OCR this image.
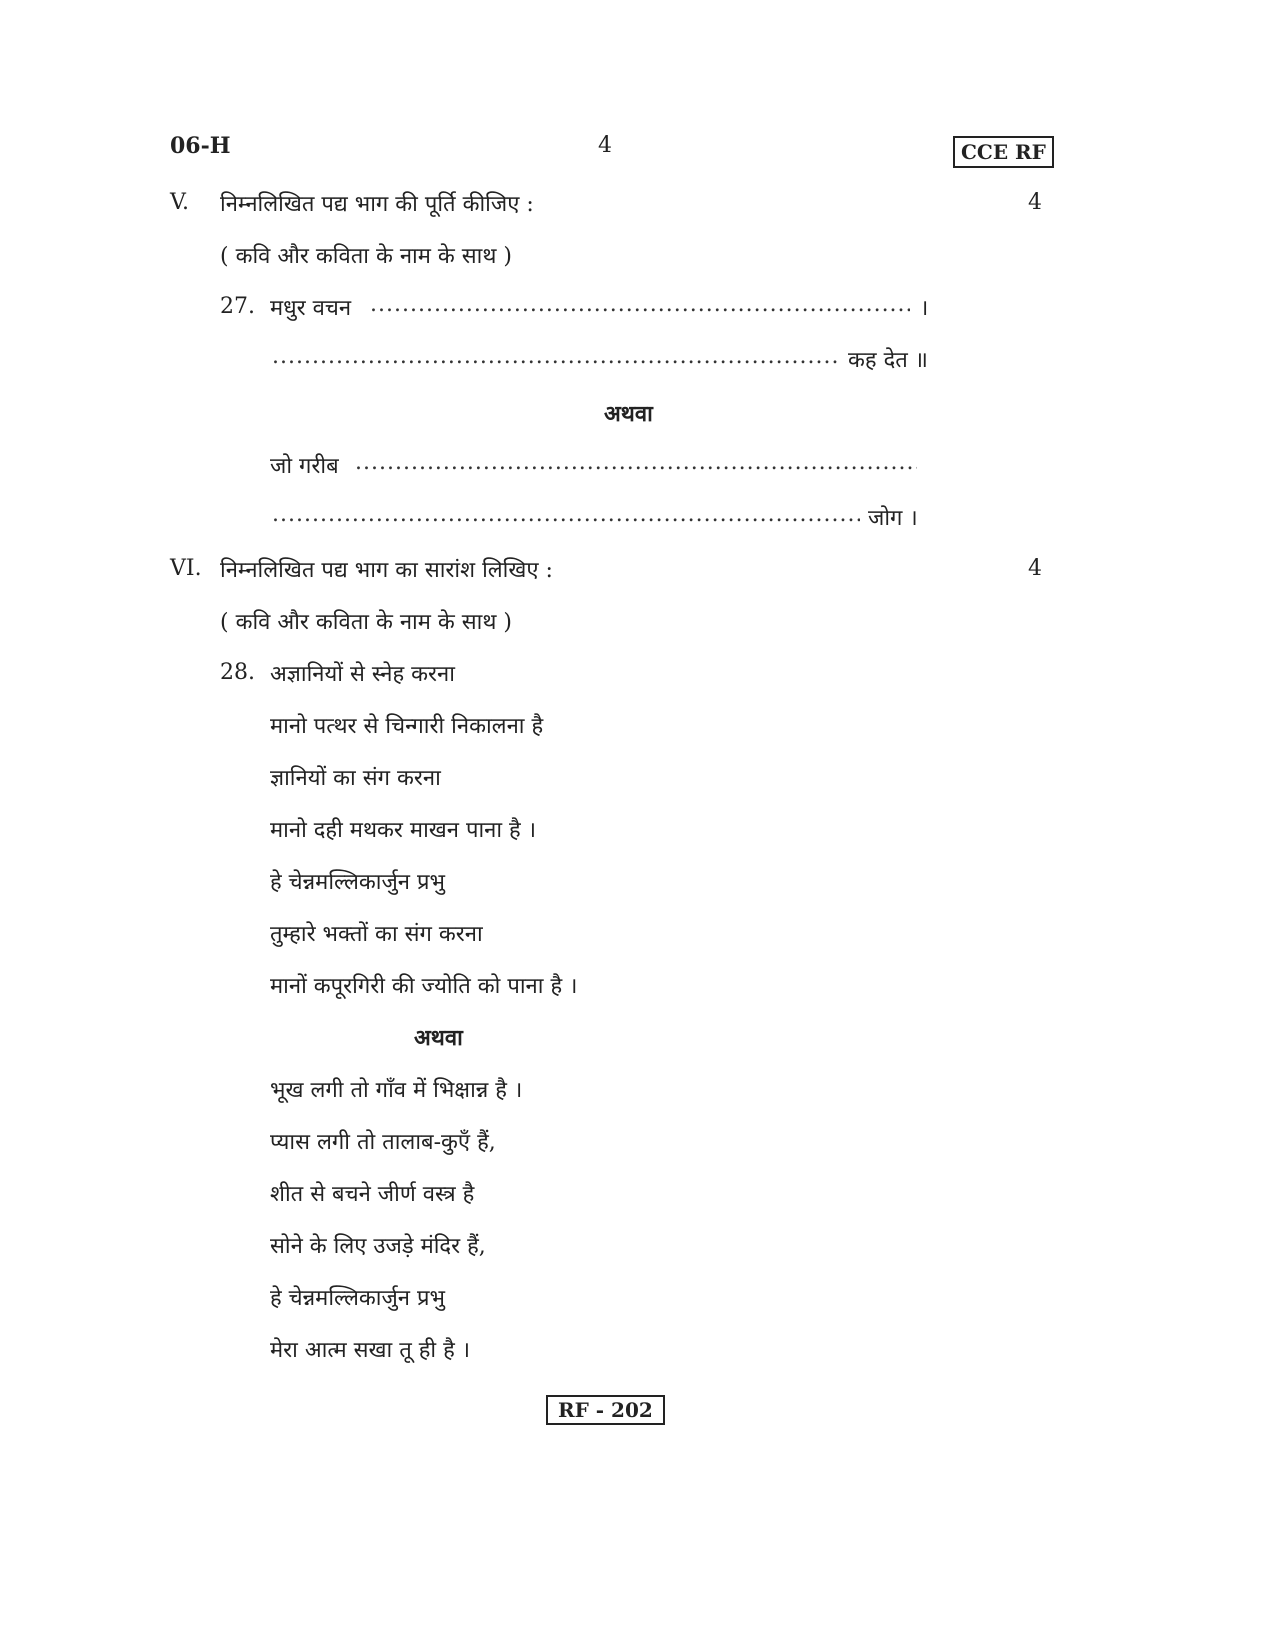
06-H	4	CCE RF
V. निम्नलिखित पद्य भाग की पूर्ति कीजिए :	4
( कवि और कविता के नाम के साथ )
27. मधुर वचन
.....	।
.....
कह देत ॥
अथवा
जो गरीब
.....
.....
जोग ।
VI. निम्नलिखित पद्य भाग का सारांश लिखिए :	4
( कवि और कविता के नाम के साथ )
28. अज्ञानियों से स्नेह करना
मानो पत्थर से चिन्गारी निकालना है
ज्ञानियों का संग करना
मानो दही मथकर माखन पाना है ।
हे चेन्नमल्लिकार्जुन प्रभु
तुम्हारे भक्तों का संग करना
मानों कपूरगिरी की ज्योति को पाना है ।
अथवा
भूख लगी तो गाँव में भिक्षान्न है ।
प्यास लगी तो तालाब-कुएँ हैं,
शीत से बचने जीर्ण वस्त्र है
सोने के लिए उजड़े मंदिर हैं,
हे चेन्नमल्लिकार्जुन प्रभु
मेरा आत्म सखा तू ही है ।
RF - 202
